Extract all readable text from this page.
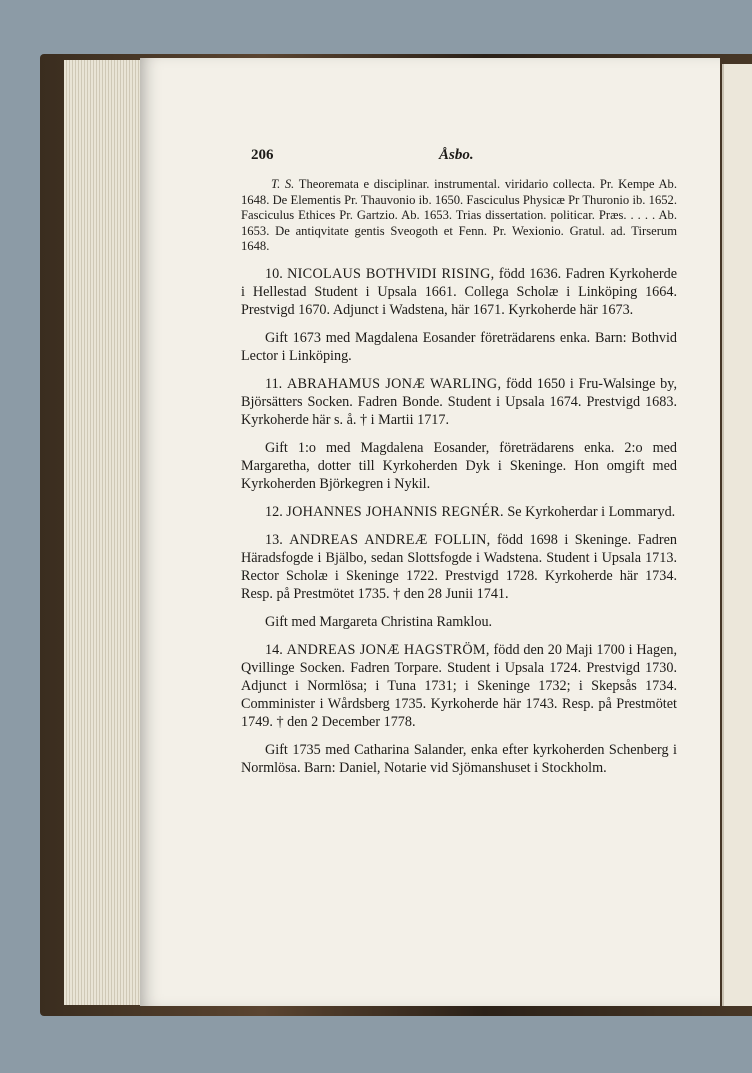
206	Åsbo.

T. S. Theoremata e disciplinar. instrumental. viridario collecta. Pr. Kempe Ab. 1648. De Elementis Pr. Thauvonio ib. 1650. Fasciculus Physicæ Pr Thuronio ib. 1652. Fasciculus Ethices Pr. Gartzio. Ab. 1653. Trias dissertation. politicar. Præs. . . . . Ab. 1653. De antiqvitate gentis Sveogoth et Fenn. Pr. Wexionio. Gratul. ad. Tirserum 1648.

10. NICOLAUS BOTHVIDI RISING, född 1636. Fadren Kyrkoherde i Hellestad Student i Upsala 1661. Collega Scholæ i Linköping 1664. Prestvigd 1670. Adjunct i Wadstena, här 1671. Kyrkoherde här 1673.

Gift 1673 med Magdalena Eosander företrädarens enka. Barn: Bothvid Lector i Linköping.

11. ABRAHAMUS JONÆ WARLING, född 1650 i Fru-Walsinge by, Björsätters Socken. Fadren Bonde. Student i Upsala 1674. Prestvigd 1683. Kyrkoherde här s. å. † i Martii 1717.

Gift 1:o med Magdalena Eosander, företrädarens enka. 2:o med Margaretha, dotter till Kyrkoherden Dyk i Skeninge. Hon omgift med Kyrkoherden Björkegren i Nykil.

12. JOHANNES JOHANNIS REGNÉR. Se Kyrkoherdar i Lommaryd.

13. ANDREAS ANDREÆ FOLLIN, född 1698 i Skeninge. Fadren Häradsfogde i Bjälbo, sedan Slottsfogde i Wadstena. Student i Upsala 1713. Rector Scholæ i Skeninge 1722. Prestvigd 1728. Kyrkoherde här 1734. Resp. på Prestmötet 1735. † den 28 Junii 1741.

Gift med Margareta Christina Ramklou.

14. ANDREAS JONÆ HAGSTRÖM, född den 20 Maji 1700 i Hagen, Qvillinge Socken. Fadren Torpare. Student i Upsala 1724. Prestvigd 1730. Adjunct i Normlösa; i Tuna 1731; i Skeninge 1732; i Skepsås 1734. Comminister i Wårdsberg 1735. Kyrkoherde här 1743. Resp. på Prestmötet 1749. † den 2 December 1778.

Gift 1735 med Catharina Salander, enka efter kyrkoherden Schenberg i Normlösa. Barn: Daniel, Notarie vid Sjömanshuset i Stockholm.
